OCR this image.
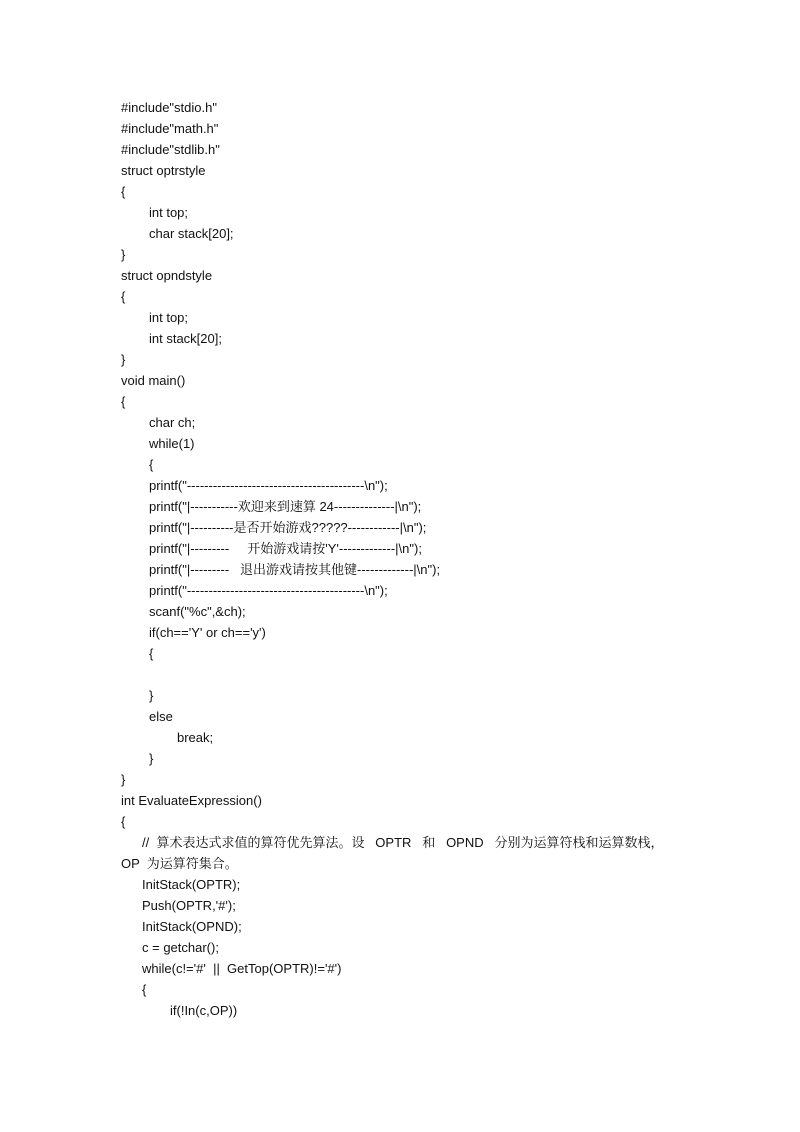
#include"stdio.h"
#include"math.h"
#include"stdlib.h"
struct optrstyle
{
int top;
char stack[20];
}
struct opndstyle
{
int top;
int stack[20];
}
void main()
{
char ch;
while(1)
{
printf("-----------------------------------------\n");
printf("|-----------欢迎来到速算 24--------------|\n");
printf("|----------是否开始游戏?????------------|\n");
printf("|---------     开始游戏请按'Y'-------------|\n");
printf("|---------   退出游戏请按其他键-------------|\n");
printf("-----------------------------------------\n");
scanf("%c",&ch);
if(ch=='Y' or ch=='y')
{
}
else
break;
}
}
int EvaluateExpression()
{
//  算术表达式求值的算符优先算法。设   OPTR   和   OPND   分别为运算符栈和运算数栈，
OP  为运算符集合。
InitStack(OPTR);
Push(OPTR,'#');
InitStack(OPND);
c = getchar();
while(c!='#'  ||  GetTop(OPTR)!='#')
{
if(!In(c,OP))
